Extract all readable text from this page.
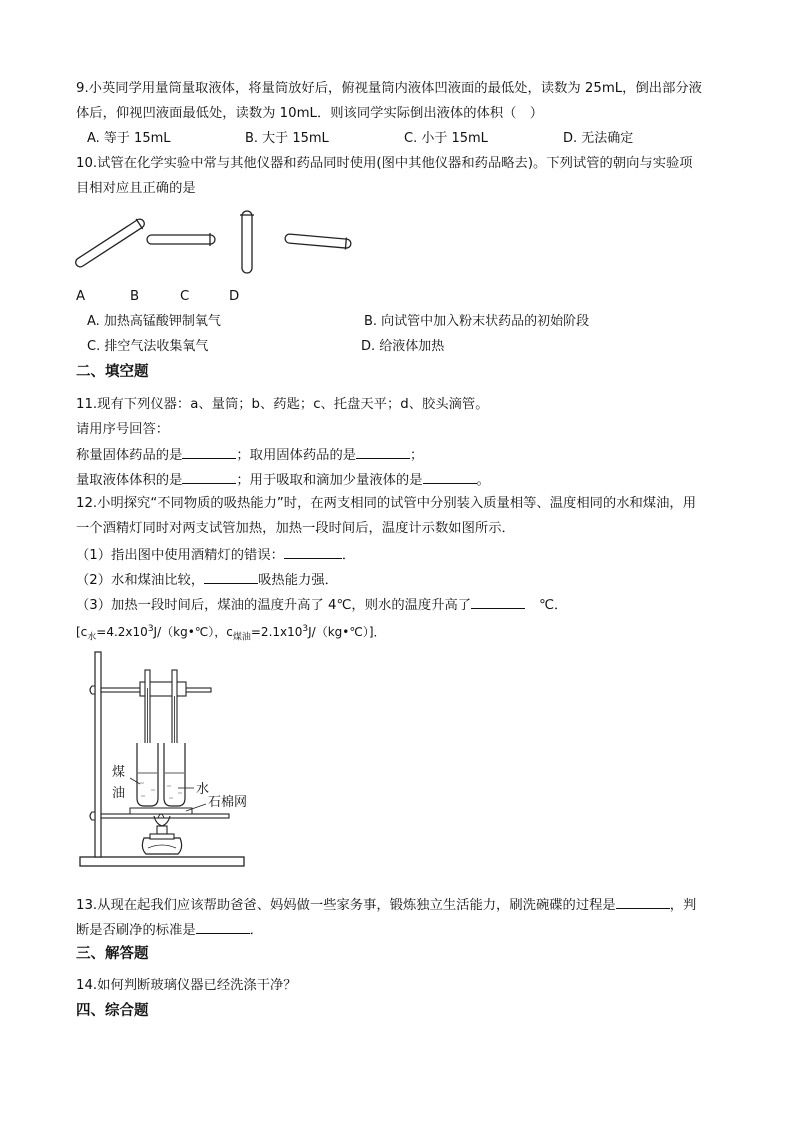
9.小英同学用量筒量取液体，将量筒放好后，俯视量筒内液体凹液面的最低处，读数为 25mL，倒出部分液
体后，仰视凹液面最低处，读数为 10mL．则该同学实际倒出液体的体积（　）
A. 等于 15mL	B. 大于 15mL	C. 小于 15mL	D. 无法确定
10.试管在化学实验中常与其他仪器和药品同时使用(图中其他仪器和药品略去)。下列试管的朝向与实验项
目相对应且正确的是
A	B	C	D
A. 加热高锰酸钾制氧气	B. 向试管中加入粉末状药品的初始阶段
C. 排空气法收集氧气	D. 给液体加热
二、填空题
11.现有下列仪器：a、量筒；b、药匙；c、托盘天平；d、胶头滴管。
请用序号回答：
称量固体药品的是	；取用固体药品的是	；
量取液体体积的是	；用于吸取和滴加少量液体的是	。
12.小明探究“不同物质的吸热能力”时，在两支相同的试管中分别装入质量相等、温度相同的水和煤油，用
一个酒精灯同时对两支试管加热，加热一段时间后，温度计示数如图所示．
（1）指出图中使用酒精灯的错误：	．
（2）水和煤油比较，	吸热能力强．
（3）加热一段时间后，煤油的温度升高了 4℃，则水的温度升高了	℃．
[$c_水=4.2x10^3J/(kg•℃)$，$c_{煤油}=2.1x10^3J/(kg•℃)$]．
煤
油	水
石棉网
13.从现在起我们应该帮助爸爸、妈妈做一些家务事，锻炼独立生活能力，刷洗碗碟的过程是	，判
断是否刷净的标准是	．
三、解答题
14.如何判断玻璃仪器已经洗涤干净？
四、综合题
